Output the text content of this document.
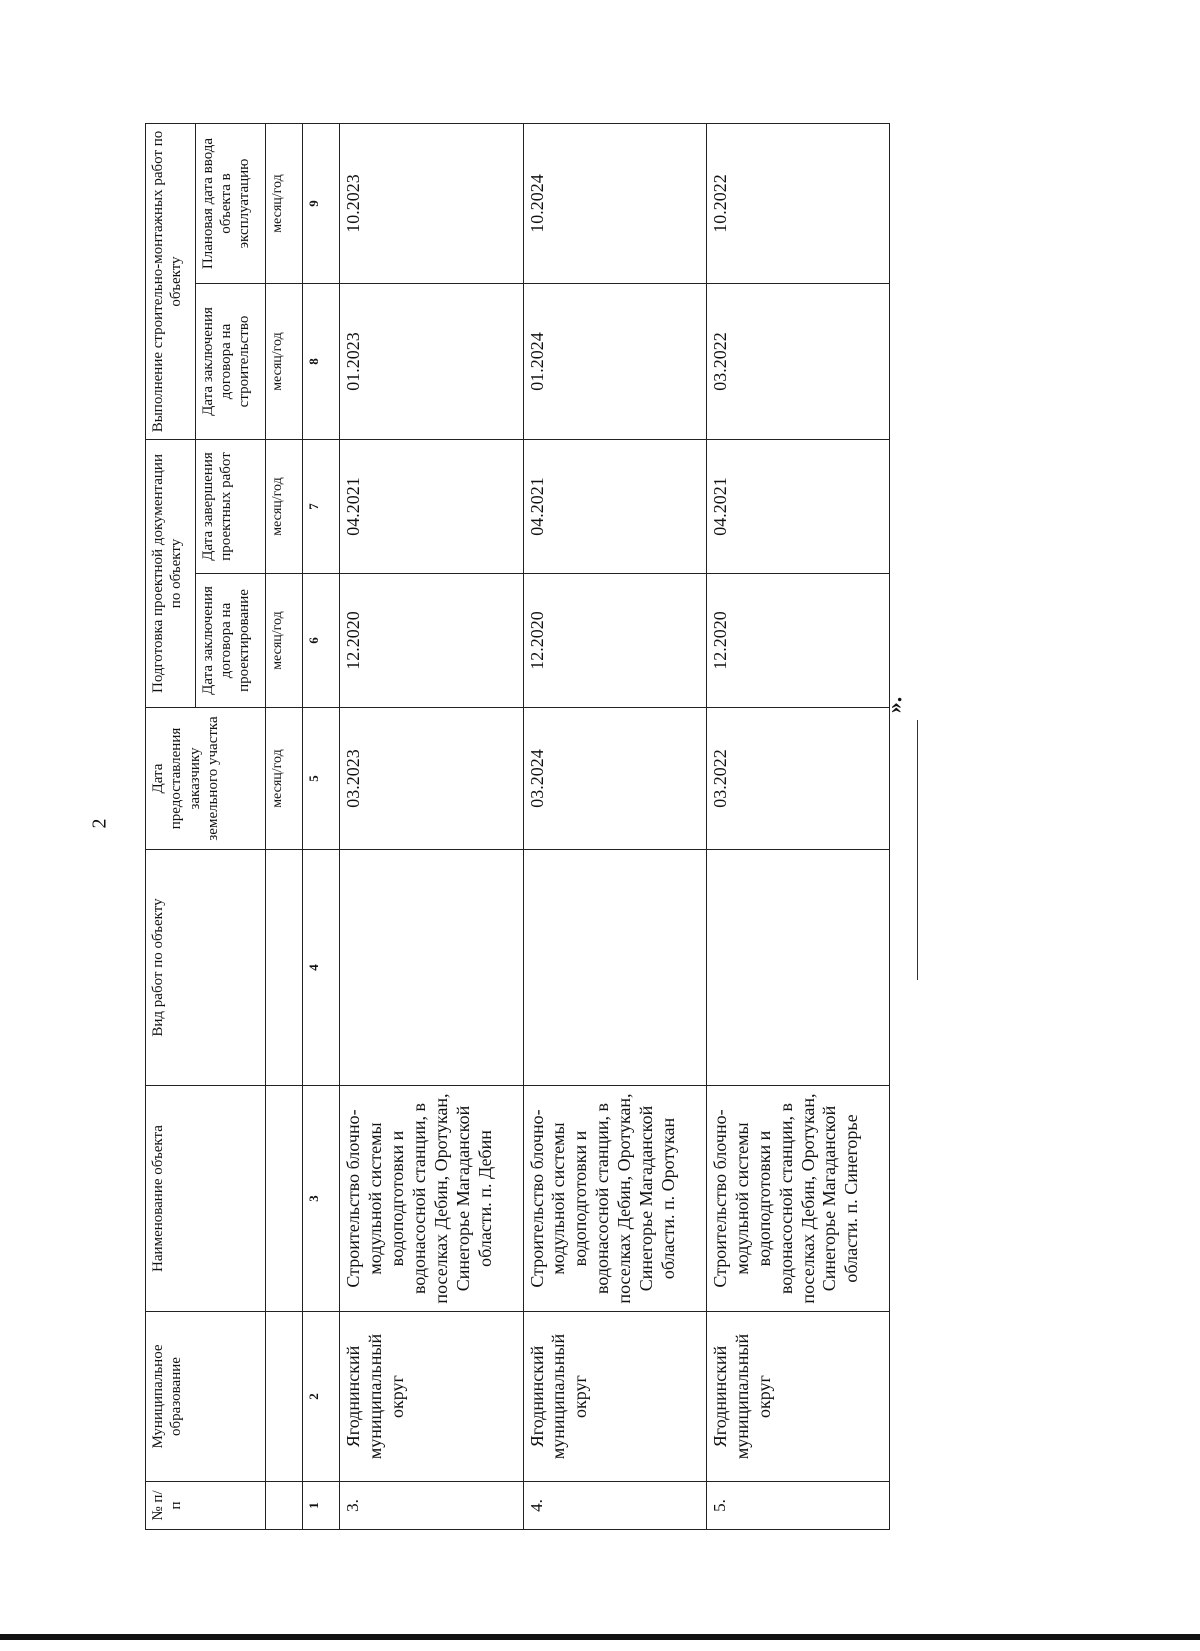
2
№ п/п	Муниципальное образование	Наименование объекта	Вид работ по объекту	Дата предоставления заказчику земельного участка	Подготовка проектной документации по объекту		Выполнение строительно-монтажных работ по объекту	
					Дата заключения договора на проектирование	Дата завершения проектных работ	Дата заключения договора на строительство	Плановая дата ввода объекта в эксплуатацию
				месяц/год	месяц/год	месяц/год	месяц/год	месяц/год
1	2	3	4	5	6	7	8	9
3.	Ягоднинский муниципальный округ	Строительство блочно-модульной системы водоподготовки и водонасосной станции, в поселках Дебин, Оротукан, Синегорье Магаданской области. п. Дебин		03.2023	12.2020	04.2021	01.2023	10.2023
4.	Ягоднинский муниципальный округ	Строительство блочно-модульной системы водоподготовки и водонасосной станции, в поселках Дебин, Оротукан, Синегорье Магаданской области. п. Оротукан		03.2024	12.2020	04.2021	01.2024	10.2024
5.	Ягоднинский муниципальный округ	Строительство блочно-модульной системы водоподготовки и водонасосной станции, в поселках Дебин, Оротукан, Синегорье Магаданской области. п. Синегорье		03.2022	12.2020	04.2021	03.2022	10.2022
».
